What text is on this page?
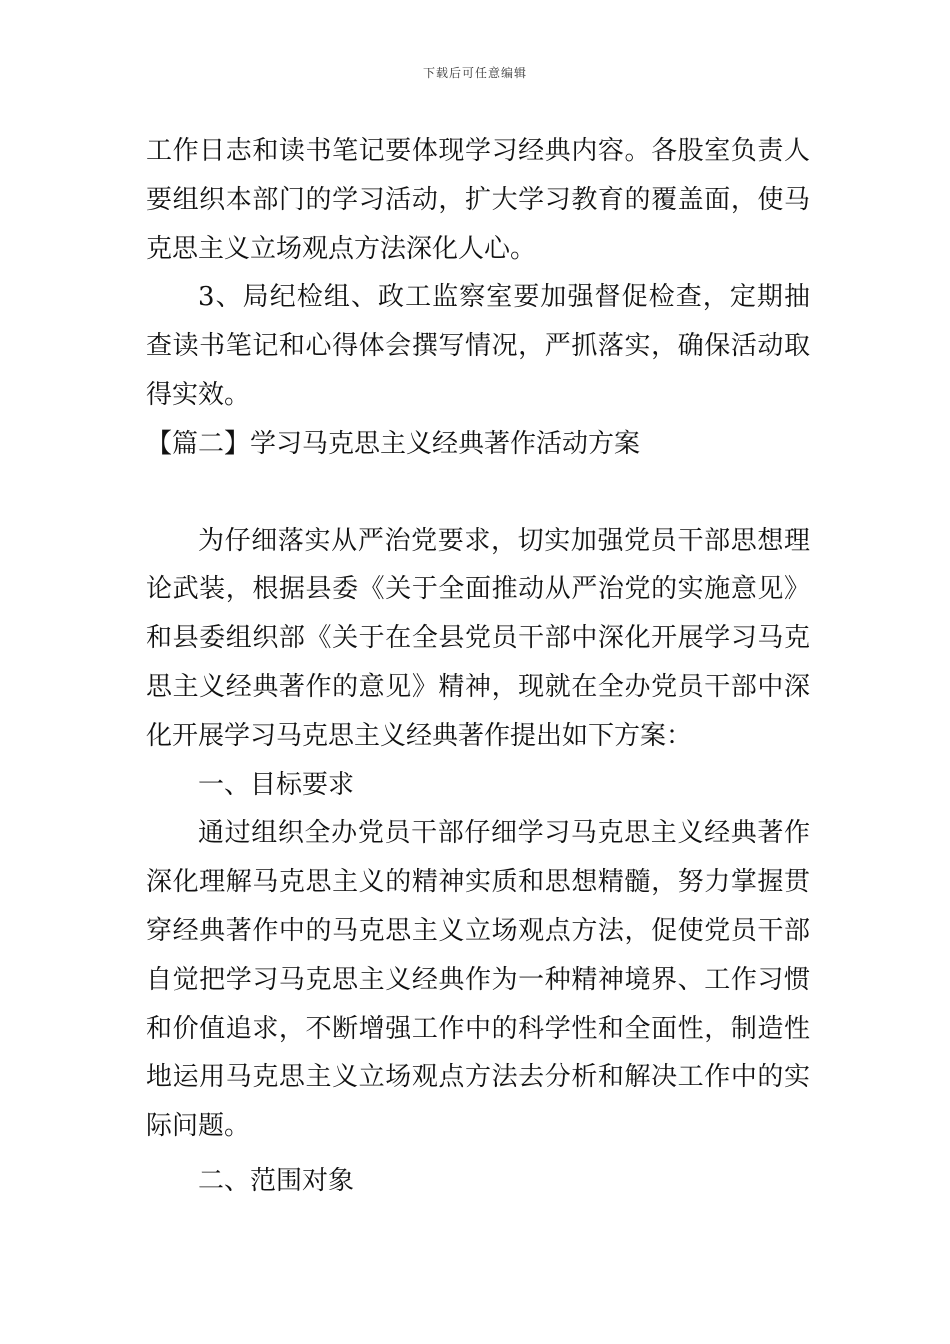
下载后可任意编辑

工作日志和读书笔记要体现学习经典内容。各股室负责人要组织本部门的学习活动，扩大学习教育的覆盖面，使马克思主义立场观点方法深化人心。

3、局纪检组、政工监察室要加强督促检查，定期抽查读书笔记和心得体会撰写情况，严抓落实，确保活动取得实效。

【篇二】学习马克思主义经典著作活动方案

为仔细落实从严治党要求，切实加强党员干部思想理论武装，根据县委《关于全面推动从严治党的实施意见》和县委组织部《关于在全县党员干部中深化开展学习马克思主义经典著作的意见》精神，现就在全办党员干部中深化开展学习马克思主义经典著作提出如下方案：

一、目标要求

通过组织全办党员干部仔细学习马克思主义经典著作深化理解马克思主义的精神实质和思想精髓，努力掌握贯穿经典著作中的马克思主义立场观点方法，促使党员干部自觉把学习马克思主义经典作为一种精神境界、工作习惯和价值追求，不断增强工作中的科学性和全面性，制造性地运用马克思主义立场观点方法去分析和解决工作中的实际问题。

二、范围对象
